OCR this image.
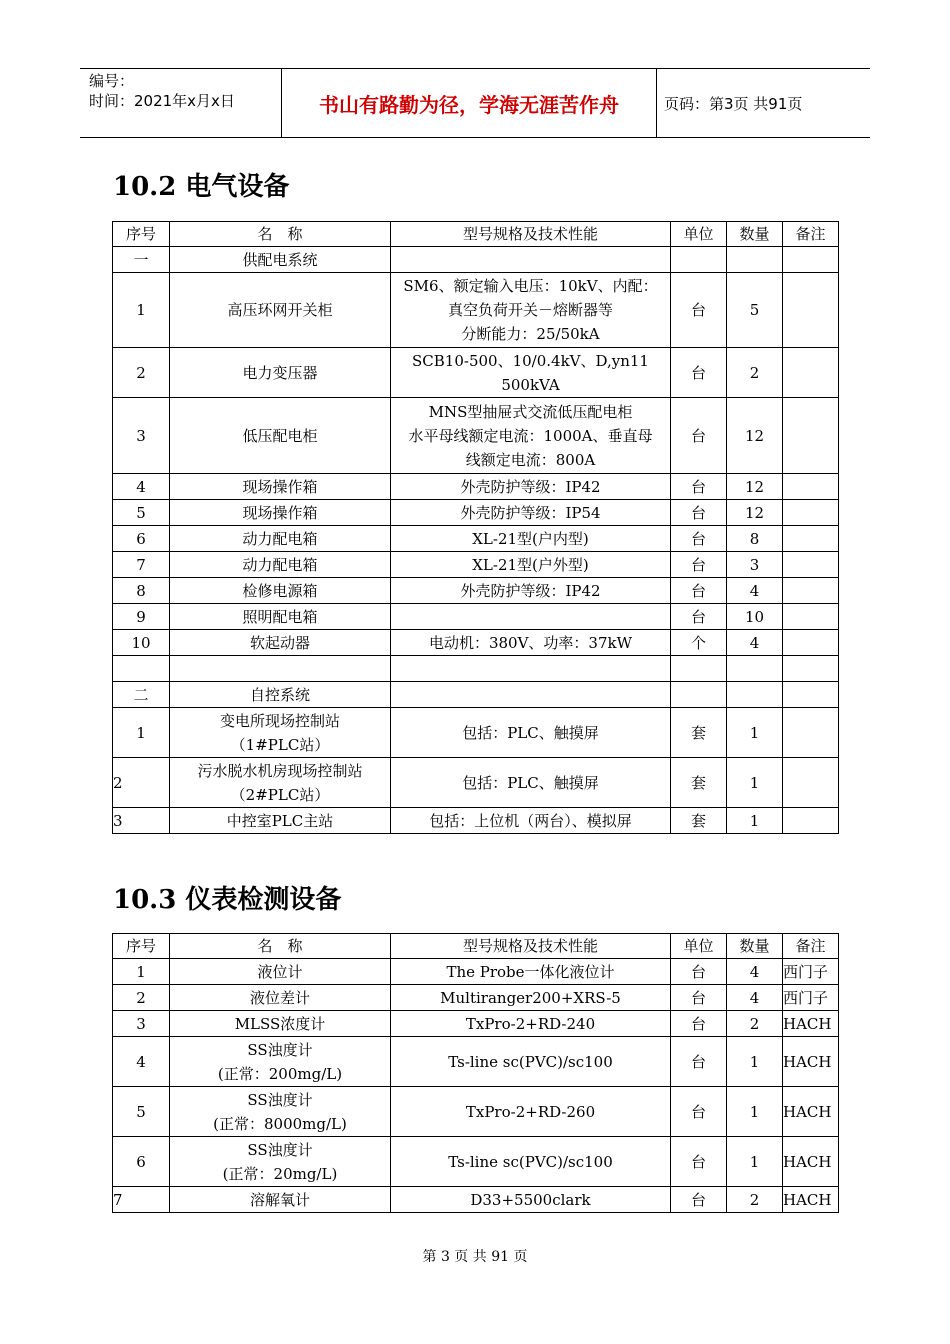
编号：
时间：2021年x月x日	书山有路勤为径，学海无涯苦作舟	页码：第3页 共91页
10.2 电气设备
序号	名　称	型号规格及技术性能	单位	数量	备注
一	供配电系统				
1	高压环网开关柜	SM6、额定输入电压：10kV、内配：
真空负荷开关－熔断器等
分断能力：25/50kA	台	5	
2	电力变压器	SCB10-500、10/0.4kV、D,yn11
500kVA	台	2	
3	低压配电柜	MNS型抽屉式交流低压配电柜
水平母线额定电流：1000A、垂直母
线额定电流：800A	台	12	
4	现场操作箱	外壳防护等级：IP42	台	12	
5	现场操作箱	外壳防护等级：IP54	台	12	
6	动力配电箱	XL-21型(户内型)	台	8	
7	动力配电箱	XL-21型(户外型)	台	3	
8	检修电源箱	外壳防护等级：IP42	台	4	
9	照明配电箱		台	10	
10	软起动器	电动机：380V、功率：37kW	个	4	

二	自控系统				
1	变电所现场控制站
（1#PLC站）	包括：PLC、触摸屏	套	1	
2	污水脱水机房现场控制站
（2#PLC站）	包括：PLC、触摸屏	套	1	
3	中控室PLC主站	包括：上位机（两台）、模拟屏	套	1	
10.3 仪表检测设备
序号	名　称	型号规格及技术性能	单位	数量	备注
1	液位计	The Probe一体化液位计	台	4	西门子
2	液位差计	Multiranger200+XRS-5	台	4	西门子
3	MLSS浓度计	TxPro-2+RD-240	台	2	HACH
4	SS浊度计
(正常：200mg/L)	Ts-line sc(PVC)/sc100	台	1	HACH
5	SS浊度计
(正常：8000mg/L)	TxPro-2+RD-260	台	1	HACH
6	SS浊度计
(正常：20mg/L)	Ts-line sc(PVC)/sc100	台	1	HACH
7	溶解氧计	D33+5500clark	台	2	HACH
第 3 页 共 91 页
